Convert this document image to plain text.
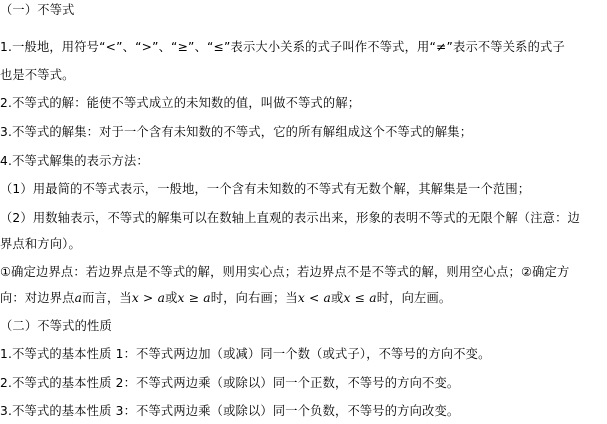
（一）不等式
1.一般地，用符号“<”、“>”、“≥”、“≤”表示大小关系的式子叫作不等式，用“≠”表示不等关系的式子
也是不等式。
2.不等式的解：能使不等式成立的未知数的值，叫做不等式的解；
3.不等式的解集：对于一个含有未知数的不等式，它的所有解组成这个不等式的解集；
4.不等式解集的表示方法：
（1）用最简的不等式表示，一般地，一个含有未知数的不等式有无数个解，其解集是一个范围；
（2）用数轴表示，不等式的解集可以在数轴上直观的表示出来，形象的表明不等式的无限个解（注意：边
界点和方向）。
①确定边界点：若边界点是不等式的解，则用实心点；若边界点不是不等式的解，则用空心点；②确定方
向：对边界点a而言，当x > a或x ≥ a时，向右画；当x < a或x ≤ a时，向左画。
（二）不等式的性质
1.不等式的基本性质 1：不等式两边加（或减）同一个数（或式子），不等号的方向不变。
2.不等式的基本性质 2：不等式两边乘（或除以）同一个正数，不等号的方向不变。
3.不等式的基本性质 3：不等式两边乘（或除以）同一个负数，不等号的方向改变。
